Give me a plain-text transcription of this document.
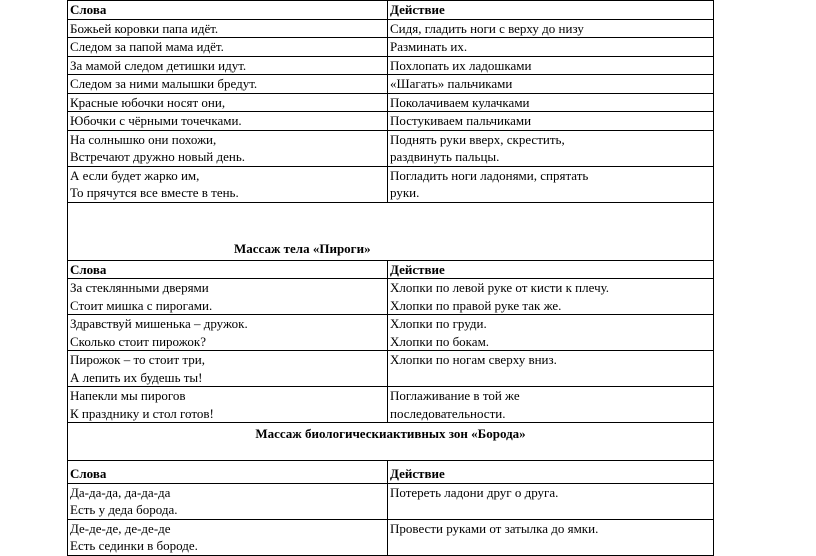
Слова	Действие

Божьей коровки папа идёт.	Сидя, гладить ноги с верху до низу

Следом за папой мама идёт.	Разминать их.

За мамой следом детишки идут.	Похлопать их ладошками

Следом за ними малышки бредут.	«Шагать» пальчиками

Красные юбочки носят они,	Поколачиваем кулачками

Юбочки с чёрными точечками.	Постукиваем пальчиками

На солнышко они похожи,
Встречают дружно новый день.	Поднять руки вверх, скрестить,
раздвинуть пальцы.

А если будет жарко им,
То прячутся все вместе в тень.	Погладить ноги ладонями, спрятать
руки.

Массаж тела «Пироги»	

Слова	Действие

За стеклянными дверями
Стоит мишка с пирогами.	Хлопки по левой руке от кисти к плечу.
Хлопки по правой руке так же.

Здравствуй мишенька – дружок.
Сколько стоит пирожок?	Хлопки по груди.
Хлопки по бокам.

Пирожок – то стоит три,
А лепить их будешь ты!	Хлопки по ногам сверху вниз.

Напекли мы пирогов
К празднику и стол готов!	Поглаживание в той же
последовательности.

Массаж биологическиактивных зон «Борода»	
Слова	Действие

Да-да-да, да-да-да
Есть у деда борода.	Потереть ладони друг о друга.

Де-де-де, де-де-де
Есть сединки в бороде.	Провести руками от затылка до ямки.
